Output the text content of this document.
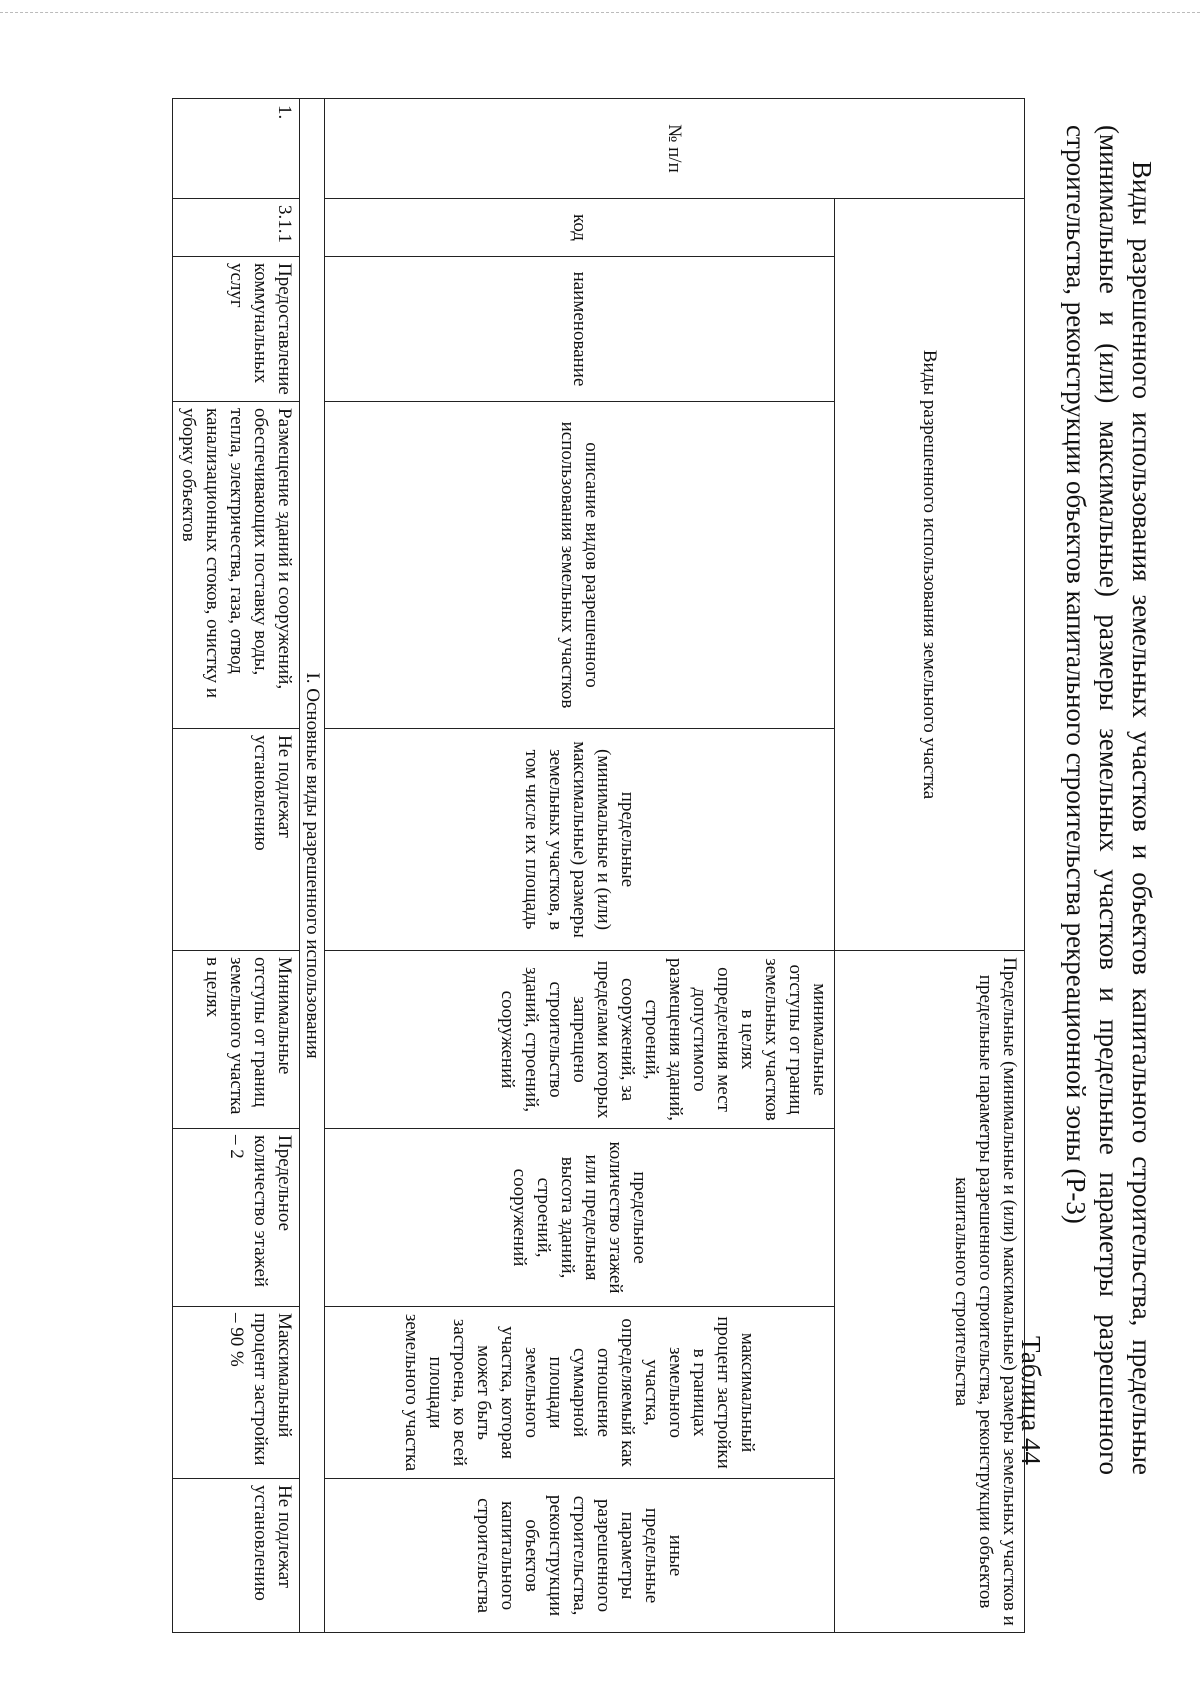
Виды разрешенного использования земельных участков и объектов капитального строительства, предельные (минимальные и (или) максимальные) размеры земельных участков и предельные параметры разрешенного строительства, реконструкции объектов капитального строительства рекреационной зоны (Р-3)

Таблица 44
№ п/п	Виды разрешенного использования земельного участка				Предельные (минимальные и (или) максимальные) размеры земельных участков и предельные параметры разрешенного строительства, реконструкции объектов капитального строительства			
	код	наименование	описание видов разрешенного использования земельных участков	предельные (минимальные и (или) максимальные) размеры земельных участков, в том числе их площадь	минимальные отступы от границ земельных участков в целях определения мест допустимого размещения зданий, строений, сооружений, за пределами которых запрещено строительство зданий, строений, сооружений	предельное количество этажей или предельная высота зданий, строений, сооружений	максимальный процент застройки в границах земельного участка, определяемый как отношение суммарной площади земельного участка, которая может быть застроена, ко всей площади земельного участка	иные предельные параметры разрешенного строительства, реконструкции объектов капитального строительства
I. Основные виды разрешенного использования								
1.	3.1.1	Предоставление коммунальных услуг	Размещение зданий и сооружений, обеспечивающих поставку воды, тепла, электричества, газа, отвод канализационных стоков, очистку и уборку объектов	Не подлежат установлению	Минимальные отступы от границ земельного участка в целях	Предельное количество этажей – 2	Максимальный процент застройки – 90 %	Не подлежат установлению
